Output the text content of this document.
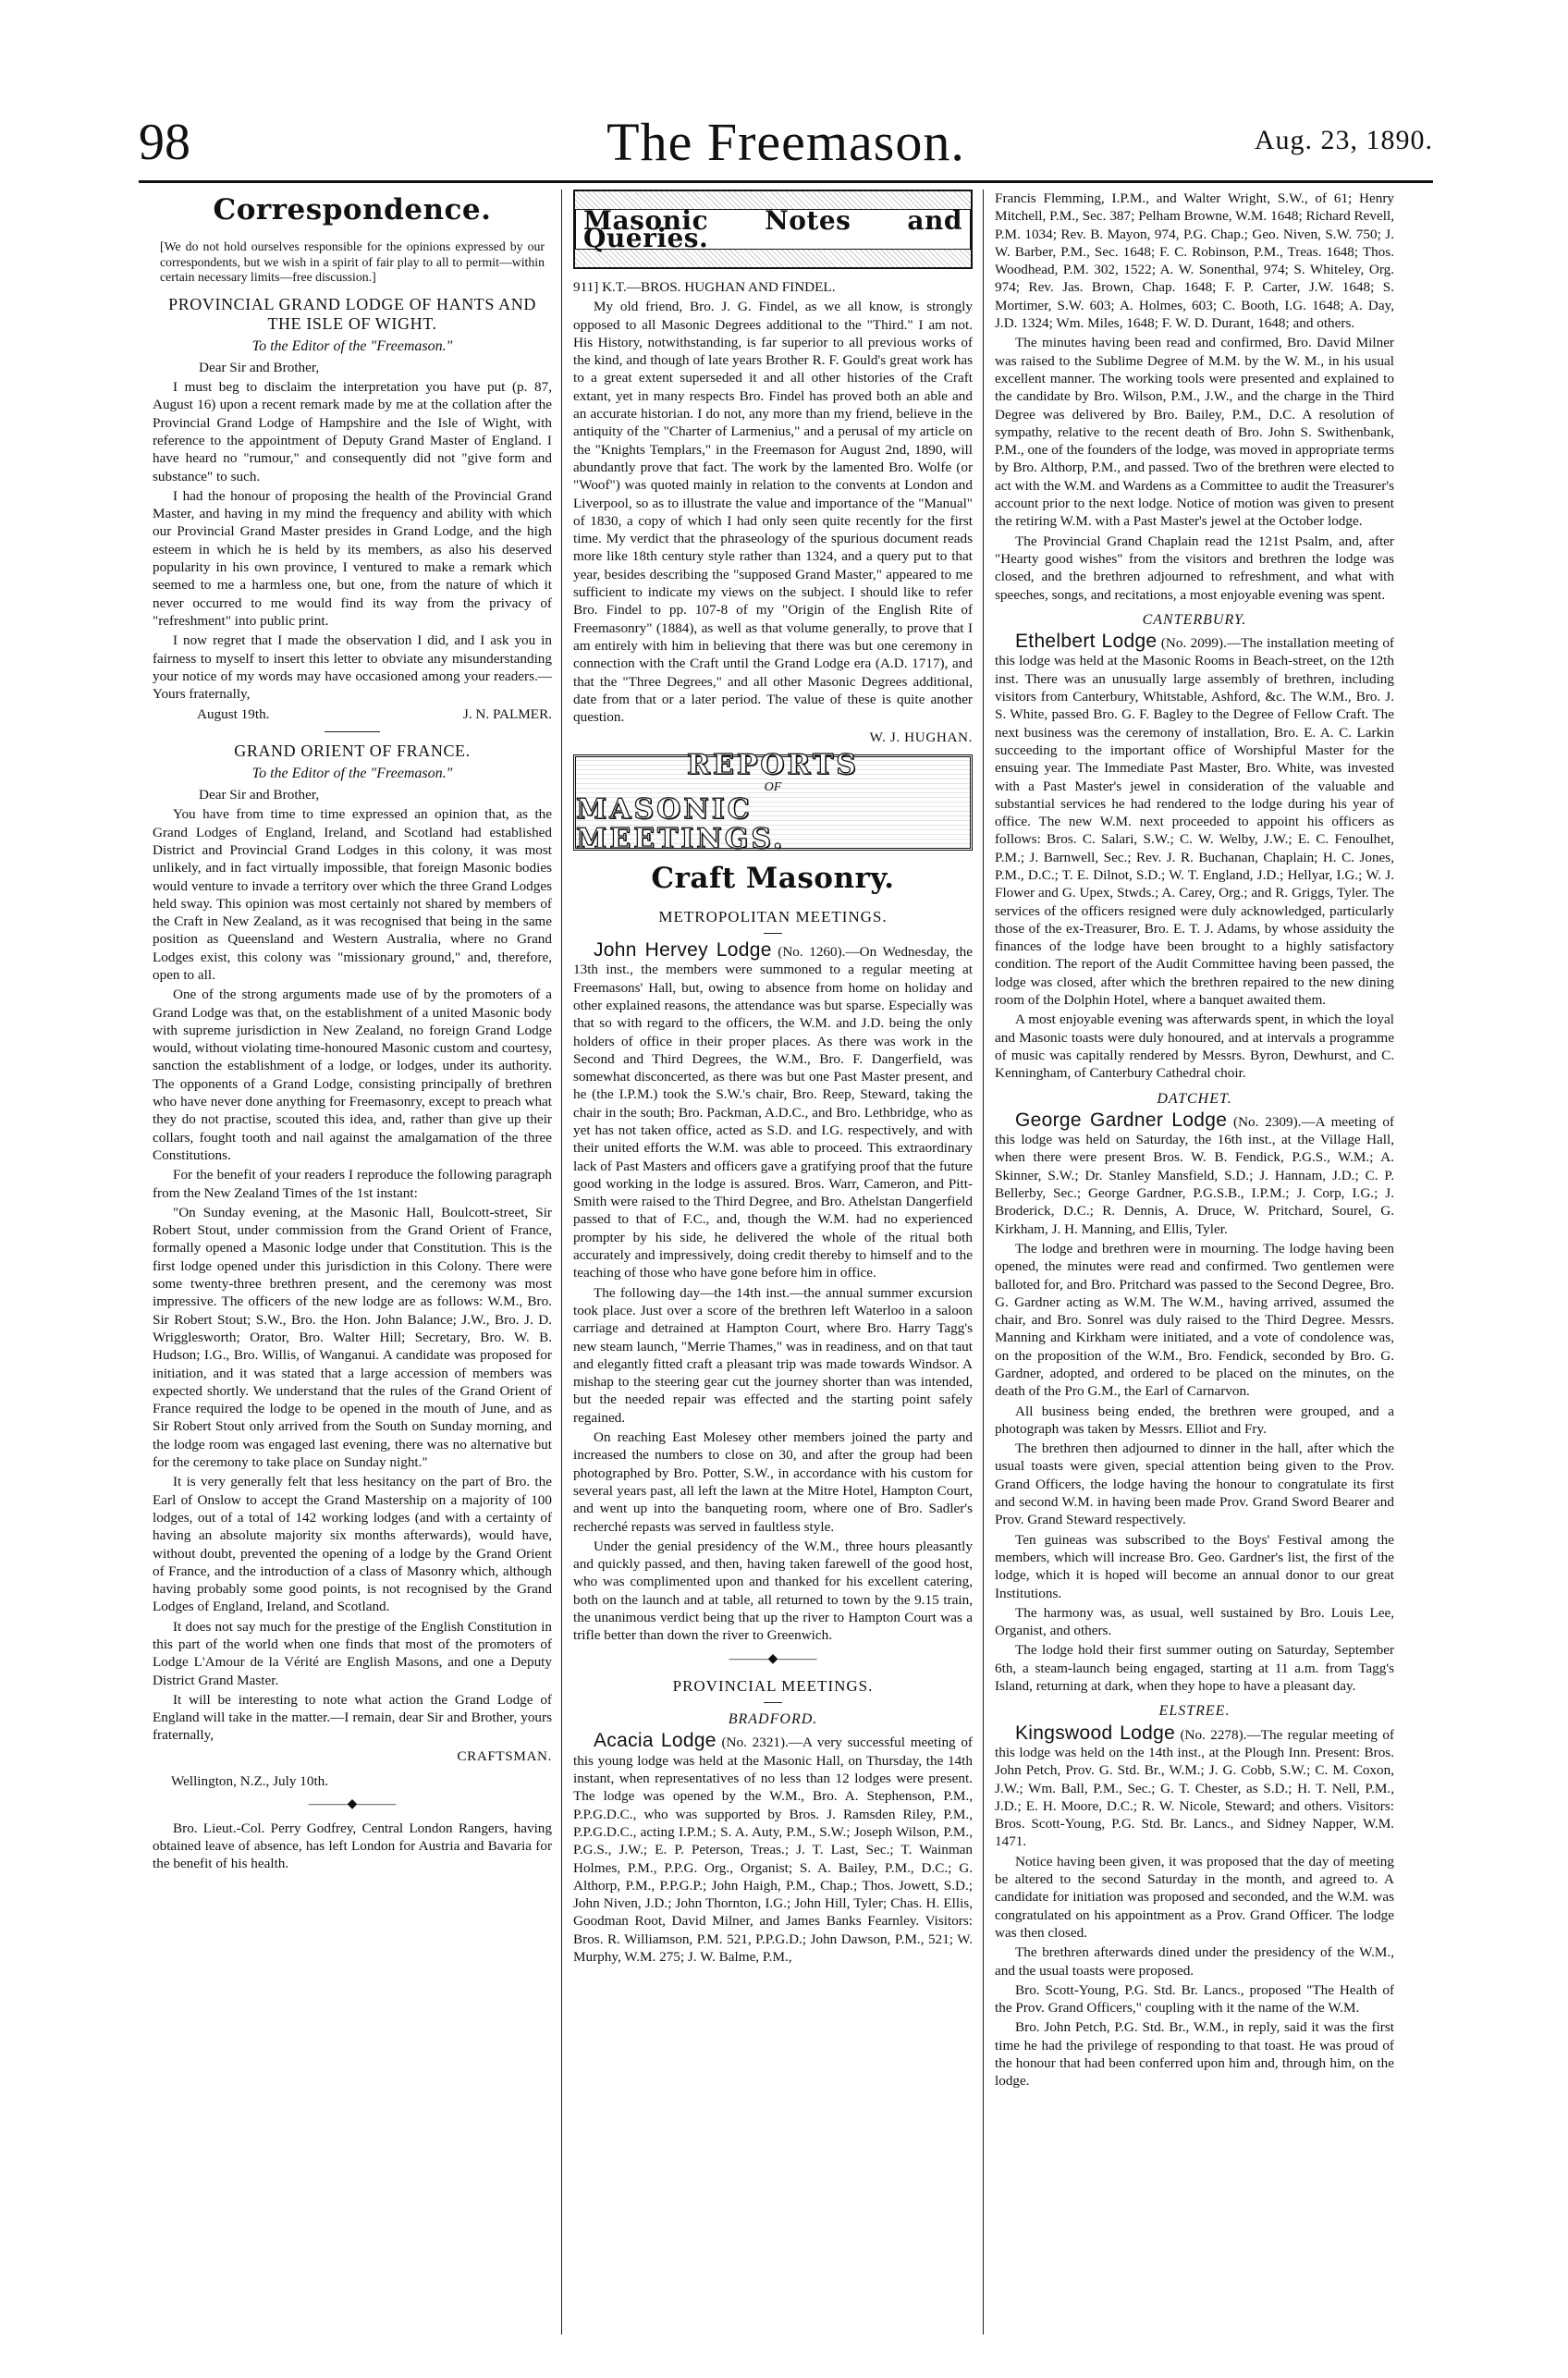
98	The Freemason.	Aug. 23, 1890.
Correspondence.

[We do not hold ourselves responsible for the opinions expressed by our correspondents, but we wish in a spirit of fair play to all to permit—within certain necessary limits—free discussion.]

PROVINCIAL GRAND LODGE OF HANTS AND THE ISLE OF WIGHT.

To the Editor of the "Freemason."

Dear Sir and Brother,

I must beg to disclaim the interpretation you have put (p. 87, August 16) upon a recent remark made by me at the collation after the Provincial Grand Lodge of Hampshire and the Isle of Wight, with reference to the appointment of Deputy Grand Master of England. I have heard no "rumour," and consequently did not "give form and substance" to such.

I had the honour of proposing the health of the Provincial Grand Master, and having in my mind the frequency and ability with which our Provincial Grand Master presides in Grand Lodge, and the high esteem in which he is held by its members, as also his deserved popularity in his own province, I ventured to make a remark which seemed to me a harmless one, but one, from the nature of which it never occurred to me would find its way from the privacy of "refreshment" into public print.

I now regret that I made the observation I did, and I ask you in fairness to myself to insert this letter to obviate any misunderstanding your notice of my words may have occasioned among your readers.—Yours fraternally,

August 19th.	J. N. PALMER.
GRAND ORIENT OF FRANCE.

To the Editor of the "Freemason."

Dear Sir and Brother,

You have from time to time expressed an opinion that, as the Grand Lodges of England, Ireland, and Scotland had established District and Provincial Grand Lodges in this colony, it was most unlikely, and in fact virtually impossible, that foreign Masonic bodies would venture to invade a territory over which the three Grand Lodges held sway. This opinion was most certainly not shared by members of the Craft in New Zealand, as it was recognised that being in the same position as Queensland and Western Australia, where no Grand Lodges exist, this colony was "missionary ground," and, therefore, open to all.

One of the strong arguments made use of by the promoters of a Grand Lodge was that, on the establishment of a united Masonic body with supreme jurisdiction in New Zealand, no foreign Grand Lodge would, without violating time-honoured Masonic custom and courtesy, sanction the establishment of a lodge, or lodges, under its authority. The opponents of a Grand Lodge, consisting principally of brethren who have never done anything for Freemasonry, except to preach what they do not practise, scouted this idea, and, rather than give up their collars, fought tooth and nail against the amalgamation of the three Constitutions.

For the benefit of your readers I reproduce the following paragraph from the New Zealand Times of the 1st instant:

"On Sunday evening, at the Masonic Hall, Boulcott-street, Sir Robert Stout, under commission from the Grand Orient of France, formally opened a Masonic lodge under that Constitution. This is the first lodge opened under this jurisdiction in this Colony. There were some twenty-three brethren present, and the ceremony was most impressive. The officers of the new lodge are as follows: W.M., Bro. Sir Robert Stout; S.W., Bro. the Hon. John Balance; J.W., Bro. J. D. Wrigglesworth; Orator, Bro. Walter Hill; Secretary, Bro. W. B. Hudson; I.G., Bro. Willis, of Wanganui. A candidate was proposed for initiation, and it was stated that a large accession of members was expected shortly. We understand that the rules of the Grand Orient of France required the lodge to be opened in the mouth of June, and as Sir Robert Stout only arrived from the South on Sunday morning, and the lodge room was engaged last evening, there was no alternative but for the ceremony to take place on Sunday night."

It is very generally felt that less hesitancy on the part of Bro. the Earl of Onslow to accept the Grand Mastership on a majority of 100 lodges, out of a total of 142 working lodges (and with a certainty of having an absolute majority six months afterwards), would have, without doubt, prevented the opening of a lodge by the Grand Orient of France, and the introduction of a class of Masonry which, although having probably some good points, is not recognised by the Grand Lodges of England, Ireland, and Scotland.

It does not say much for the prestige of the English Constitution in this part of the world when one finds that most of the promoters of Lodge L'Amour de la Vérité are English Masons, and one a Deputy District Grand Master.

It will be interesting to note what action the Grand Lodge of England will take in the matter.—I remain, dear Sir and Brother, yours fraternally,

CRAFTSMAN.

Wellington, N.Z., July 10th.

———◆———

Bro. Lieut.-Col. Perry Godfrey, Central London Rangers, having obtained leave of absence, has left London for Austria and Bavaria for the benefit of his health.

Masonic Notes and Queries.

911] K.T.—BROS. HUGHAN AND FINDEL.

My old friend, Bro. J. G. Findel, as we all know, is strongly opposed to all Masonic Degrees additional to the "Third." I am not. His History, notwithstanding, is far superior to all previous works of the kind, and though of late years Brother R. F. Gould's great work has to a great extent superseded it and all other histories of the Craft extant, yet in many respects Bro. Findel has proved both an able and an accurate historian. I do not, any more than my friend, believe in the antiquity of the "Charter of Larmenius," and a perusal of my article on the "Knights Templars," in the Freemason for August 2nd, 1890, will abundantly prove that fact. The work by the lamented Bro. Wolfe (or "Woof") was quoted mainly in relation to the convents at London and Liverpool, so as to illustrate the value and importance of the "Manual" of 1830, a copy of which I had only seen quite recently for the first time. My verdict that the phraseology of the spurious document reads more like 18th century style rather than 1324, and a query put to that year, besides describing the "supposed Grand Master," appeared to me sufficient to indicate my views on the subject. I should like to refer Bro. Findel to pp. 107-8 of my "Origin of the English Rite of Freemasonry" (1884), as well as that volume generally, to prove that I am entirely with him in believing that there was but one ceremony in connection with the Craft until the Grand Lodge era (A.D. 1717), and that the "Three Degrees," and all other Masonic Degrees additional, date from that or a later period. The value of these is quite another question.

W. J. HUGHAN.
REPORTS
OF
MASONIC MEETINGS.
Craft Masonry.
METROPOLITAN MEETINGS.

John Hervey Lodge (No. 1260).—On Wednesday, the 13th inst., the members were summoned to a regular meeting at Freemasons' Hall, but, owing to absence from home on holiday and other explained reasons, the attendance was but sparse. Especially was that so with regard to the officers, the W.M. and J.D. being the only holders of office in their proper places. As there was work in the Second and Third Degrees, the W.M., Bro. F. Dangerfield, was somewhat disconcerted, as there was but one Past Master present, and he (the I.P.M.) took the S.W.'s chair, Bro. Reep, Steward, taking the chair in the south; Bro. Packman, A.D.C., and Bro. Lethbridge, who as yet has not taken office, acted as S.D. and I.G. respectively, and with their united efforts the W.M. was able to proceed. This extraordinary lack of Past Masters and officers gave a gratifying proof that the future good working in the lodge is assured. Bros. Warr, Cameron, and Pitt-Smith were raised to the Third Degree, and Bro. Athelstan Dangerfield passed to that of F.C., and, though the W.M. had no experienced prompter by his side, he delivered the whole of the ritual both accurately and impressively, doing credit thereby to himself and to the teaching of those who have gone before him in office.

The following day—the 14th inst.—the annual summer excursion took place. Just over a score of the brethren left Waterloo in a saloon carriage and detrained at Hampton Court, where Bro. Harry Tagg's new steam launch, "Merrie Thames," was in readiness, and on that taut and elegantly fitted craft a pleasant trip was made towards Windsor. A mishap to the steering gear cut the journey shorter than was intended, but the needed repair was effected and the starting point safely regained.

On reaching East Molesey other members joined the party and increased the numbers to close on 30, and after the group had been photographed by Bro. Potter, S.W., in accordance with his custom for several years past, all left the lawn at the Mitre Hotel, Hampton Court, and went up into the banqueting room, where one of Bro. Sadler's recherché repasts was served in faultless style.

Under the genial presidency of the W.M., three hours pleasantly and quickly passed, and then, having taken farewell of the good host, who was complimented upon and thanked for his excellent catering, both on the launch and at table, all returned to town by the 9.15 train, the unanimous verdict being that up the river to Hampton Court was a trifle better than down the river to Greenwich.

———◆———
PROVINCIAL MEETINGS.
BRADFORD.

Acacia Lodge (No. 2321).—A very successful meeting of this young lodge was held at the Masonic Hall, on Thursday, the 14th instant, when representatives of no less than 12 lodges were present. The lodge was opened by the W.M., Bro. A. Stephenson, P.M., P.P.G.D.C., who was supported by Bros. J. Ramsden Riley, P.M., P.P.G.D.C., acting I.P.M.; S. A. Auty, P.M., S.W.; Joseph Wilson, P.M., P.G.S., J.W.; E. P. Peterson, Treas.; J. T. Last, Sec.; T. Wainman Holmes, P.M., P.P.G. Org., Organist; S. A. Bailey, P.M., D.C.; G. Althorp, P.M., P.P.G.P.; John Haigh, P.M., Chap.; Thos. Jowett, S.D.; John Niven, J.D.; John Thornton, I.G.; John Hill, Tyler; Chas. H. Ellis, Goodman Root, David Milner, and James Banks Fearnley. Visitors: Bros. R. Williamson, P.M. 521, P.P.G.D.; John Dawson, P.M., 521; W. Murphy, W.M. 275; J. W. Balme, P.M.,

Francis Flemming, I.P.M., and Walter Wright, S.W., of 61; Henry Mitchell, P.M., Sec. 387; Pelham Browne, W.M. 1648; Richard Revell, P.M. 1034; Rev. B. Mayon, 974, P.G. Chap.; Geo. Niven, S.W. 750; J. W. Barber, P.M., Sec. 1648; F. C. Robinson, P.M., Treas. 1648; Thos. Woodhead, P.M. 302, 1522; A. W. Sonenthal, 974; S. Whiteley, Org. 974; Rev. Jas. Brown, Chap. 1648; F. P. Carter, J.W. 1648; S. Mortimer, S.W. 603; A. Holmes, 603; C. Booth, I.G. 1648; A. Day, J.D. 1324; Wm. Miles, 1648; F. W. D. Durant, 1648; and others.

The minutes having been read and confirmed, Bro. David Milner was raised to the Sublime Degree of M.M. by the W. M., in his usual excellent manner. The working tools were presented and explained to the candidate by Bro. Wilson, P.M., J.W., and the charge in the Third Degree was delivered by Bro. Bailey, P.M., D.C. A resolution of sympathy, relative to the recent death of Bro. John S. Swithenbank, P.M., one of the founders of the lodge, was moved in appropriate terms by Bro. Althorp, P.M., and passed. Two of the brethren were elected to act with the W.M. and Wardens as a Committee to audit the Treasurer's account prior to the next lodge. Notice of motion was given to present the retiring W.M. with a Past Master's jewel at the October lodge.

The Provincial Grand Chaplain read the 121st Psalm, and, after "Hearty good wishes" from the visitors and brethren the lodge was closed, and the brethren adjourned to refreshment, and what with speeches, songs, and recitations, a most enjoyable evening was spent.

CANTERBURY.

Ethelbert Lodge (No. 2099).—The installation meeting of this lodge was held at the Masonic Rooms in Beach-street, on the 12th inst. There was an unusually large assembly of brethren, including visitors from Canterbury, Whitstable, Ashford, &c. The W.M., Bro. J. S. White, passed Bro. G. F. Bagley to the Degree of Fellow Craft. The next business was the ceremony of installation, Bro. E. A. C. Larkin succeeding to the important office of Worshipful Master for the ensuing year. The Immediate Past Master, Bro. White, was invested with a Past Master's jewel in consideration of the valuable and substantial services he had rendered to the lodge during his year of office. The new W.M. next proceeded to appoint his officers as follows: Bros. C. Salari, S.W.; C. W. Welby, J.W.; E. C. Fenoulhet, P.M.; J. Barnwell, Sec.; Rev. J. R. Buchanan, Chaplain; H. C. Jones, P.M., D.C.; T. E. Dilnot, S.D.; W. T. England, J.D.; Hellyar, I.G.; W. J. Flower and G. Upex, Stwds.; A. Carey, Org.; and R. Griggs, Tyler. The services of the officers resigned were duly acknowledged, particularly those of the ex-Treasurer, Bro. E. T. J. Adams, by whose assiduity the finances of the lodge have been brought to a highly satisfactory condition. The report of the Audit Committee having been passed, the lodge was closed, after which the brethren repaired to the new dining room of the Dolphin Hotel, where a banquet awaited them.

A most enjoyable evening was afterwards spent, in which the loyal and Masonic toasts were duly honoured, and at intervals a programme of music was capitally rendered by Messrs. Byron, Dewhurst, and C. Kenningham, of Canterbury Cathedral choir.

DATCHET.

George Gardner Lodge (No. 2309).—A meeting of this lodge was held on Saturday, the 16th inst., at the Village Hall, when there were present Bros. W. B. Fendick, P.G.S., W.M.; A. Skinner, S.W.; Dr. Stanley Mansfield, S.D.; J. Hannam, J.D.; C. P. Bellerby, Sec.; George Gardner, P.G.S.B., I.P.M.; J. Corp, I.G.; J. Broderick, D.C.; R. Dennis, A. Druce, W. Pritchard, Sourel, G. Kirkham, J. H. Manning, and Ellis, Tyler.

The lodge and brethren were in mourning. The lodge having been opened, the minutes were read and confirmed. Two gentlemen were balloted for, and Bro. Pritchard was passed to the Second Degree, Bro. G. Gardner acting as W.M. The W.M., having arrived, assumed the chair, and Bro. Sonrel was duly raised to the Third Degree. Messrs. Manning and Kirkham were initiated, and a vote of condolence was, on the proposition of the W.M., Bro. Fendick, seconded by Bro. G. Gardner, adopted, and ordered to be placed on the minutes, on the death of the Pro G.M., the Earl of Carnarvon.

All business being ended, the brethren were grouped, and a photograph was taken by Messrs. Elliot and Fry.

The brethren then adjourned to dinner in the hall, after which the usual toasts were given, special attention being given to the Prov. Grand Officers, the lodge having the honour to congratulate its first and second W.M. in having been made Prov. Grand Sword Bearer and Prov. Grand Steward respectively.

Ten guineas was subscribed to the Boys' Festival among the members, which will increase Bro. Geo. Gardner's list, the first of the lodge, which it is hoped will become an annual donor to our great Institutions.

The harmony was, as usual, well sustained by Bro. Louis Lee, Organist, and others.

The lodge hold their first summer outing on Saturday, September 6th, a steam-launch being engaged, starting at 11 a.m. from Tagg's Island, returning at dark, when they hope to have a pleasant day.

ELSTREE.

Kingswood Lodge (No. 2278).—The regular meeting of this lodge was held on the 14th inst., at the Plough Inn. Present: Bros. John Petch, Prov. G. Std. Br., W.M.; J. G. Cobb, S.W.; C. M. Coxon, J.W.; Wm. Ball, P.M., Sec.; G. T. Chester, as S.D.; H. T. Nell, P.M., J.D.; E. H. Moore, D.C.; R. W. Nicole, Steward; and others. Visitors: Bros. Scott-Young, P.G. Std. Br. Lancs., and Sidney Napper, W.M. 1471.

Notice having been given, it was proposed that the day of meeting be altered to the second Saturday in the month, and agreed to. A candidate for initiation was proposed and seconded, and the W.M. was congratulated on his appointment as a Prov. Grand Officer. The lodge was then closed.

The brethren afterwards dined under the presidency of the W.M., and the usual toasts were proposed.

Bro. Scott-Young, P.G. Std. Br. Lancs., proposed "The Health of the Prov. Grand Officers," coupling with it the name of the W.M.

Bro. John Petch, P.G. Std. Br., W.M., in reply, said it was the first time he had the privilege of responding to that toast. He was proud of the honour that had been conferred upon him and, through him, on the lodge.
